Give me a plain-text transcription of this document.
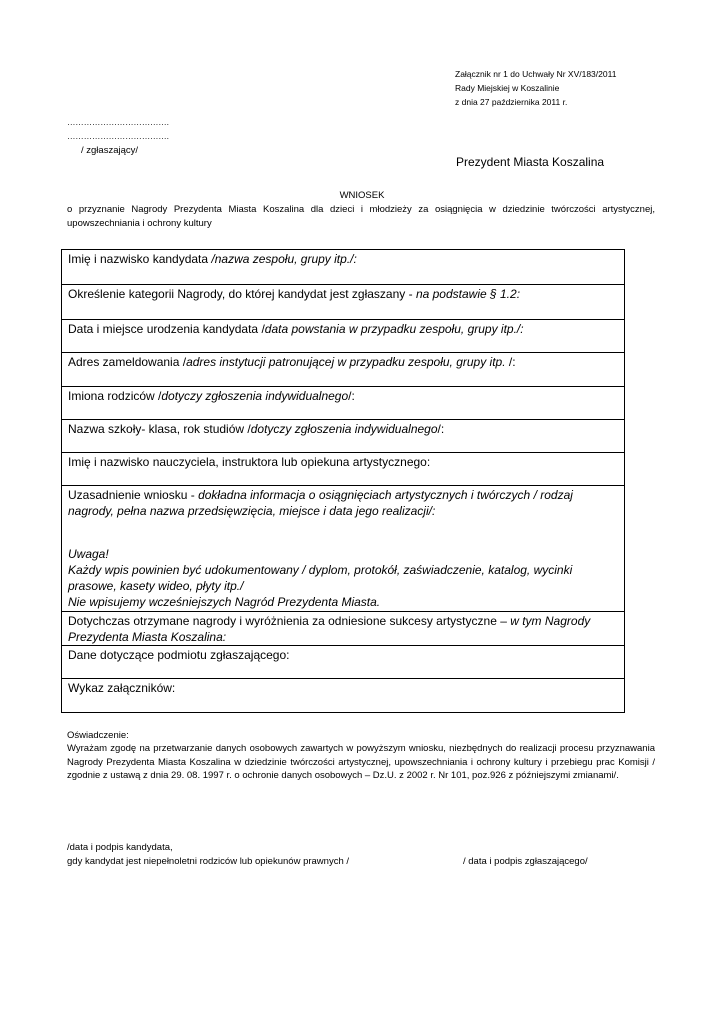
Załącznik nr 1 do Uchwały Nr XV/183/2011
Rady Miejskiej w Koszalinie
z dnia 27 października 2011 r.
……………………………….
……………………………….
/ zgłaszający/
Prezydent Miasta Koszalina
WNIOSEK
o przyznanie Nagrody Prezydenta Miasta Koszalina dla dzieci i młodzieży za osiągnięcia w dziedzinie twórczości artystycznej, upowszechniania i ochrony kultury
Imię i nazwisko kandydata /nazwa zespołu, grupy itp./:
Określenie kategorii Nagrody, do której kandydat jest zgłaszany - na podstawie § 1.2:
Data i miejsce urodzenia kandydata /data powstania w przypadku zespołu, grupy itp./:
Adres zameldowania /adres instytucji patronującej w przypadku zespołu, grupy itp. /:
Imiona rodziców /dotyczy zgłoszenia indywidualnego/:
Nazwa szkoły- klasa, rok studiów /dotyczy zgłoszenia indywidualnego/:
Imię i nazwisko nauczyciela, instruktora lub opiekuna artystycznego:
Uzasadnienie wniosku - dokładna informacja o osiągnięciach artystycznych i twórczych / rodzaj nagrody, pełna nazwa przedsięwzięcia, miejsce i data jego realizacji/:
Uwaga!
Każdy wpis powinien być udokumentowany / dyplom, protokół, zaświadczenie, katalog, wycinki prasowe, kasety wideo, płyty itp./
Nie wpisujemy wcześniejszych Nagród Prezydenta Miasta.

Dotychczas otrzymane nagrody i wyróżnienia za odniesione sukcesy artystyczne – w tym Nagrody Prezydenta Miasta Koszalina:
Dane dotyczące podmiotu zgłaszającego:
Wykaz załączników:
Oświadczenie:
Wyrażam zgodę na przetwarzanie danych osobowych zawartych w powyższym wniosku, niezbędnych do realizacji procesu przyznawania Nagrody Prezydenta Miasta Koszalina w dziedzinie twórczości artystycznej, upowszechniania i ochrony kultury i przebiegu prac Komisji / zgodnie z ustawą z dnia 29. 08. 1997 r. o ochronie danych osobowych – Dz.U. z 2002 r. Nr 101, poz.926 z późniejszymi zmianami/.
/data i podpis kandydata,
gdy kandydat jest niepełnoletni rodziców lub opiekunów prawnych /	/ data i podpis zgłaszającego/
